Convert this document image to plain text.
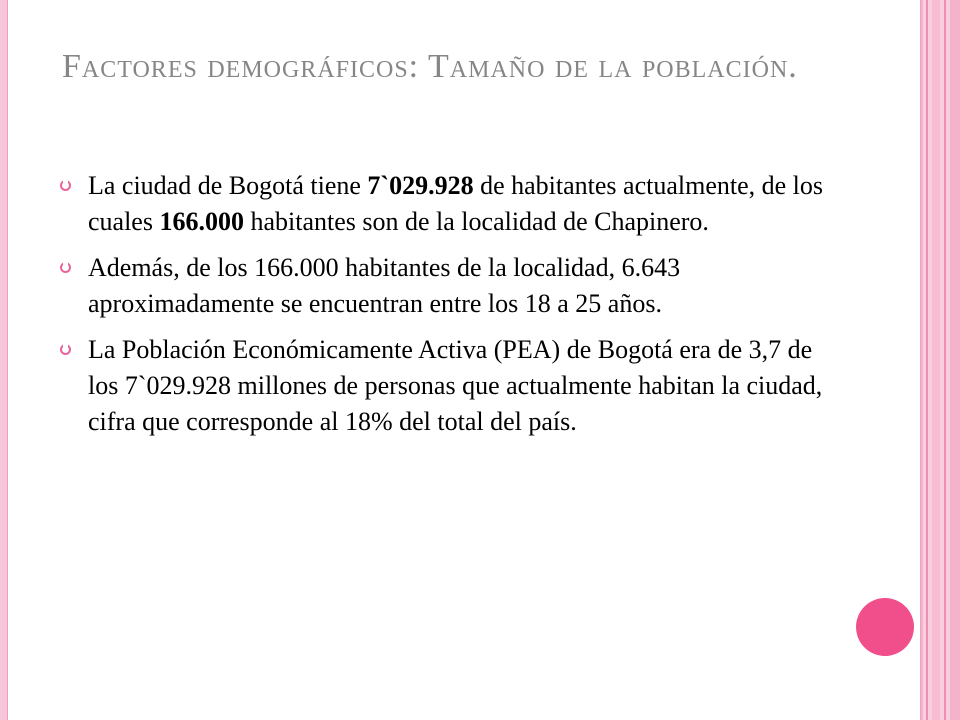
Factores demográficos: Tamaño de la población.
La ciudad de Bogotá tiene 7`029.928 de habitantes actualmente, de los cuales 166.000 habitantes son de la localidad de Chapinero.
Además, de los 166.000 habitantes de la localidad, 6.643 aproximadamente se encuentran entre los 18 a 25 años.
La Población Económicamente Activa (PEA) de Bogotá era de 3,7 de los 7`029.928 millones de personas que actualmente habitan la ciudad, cifra que corresponde al 18% del total del país.
